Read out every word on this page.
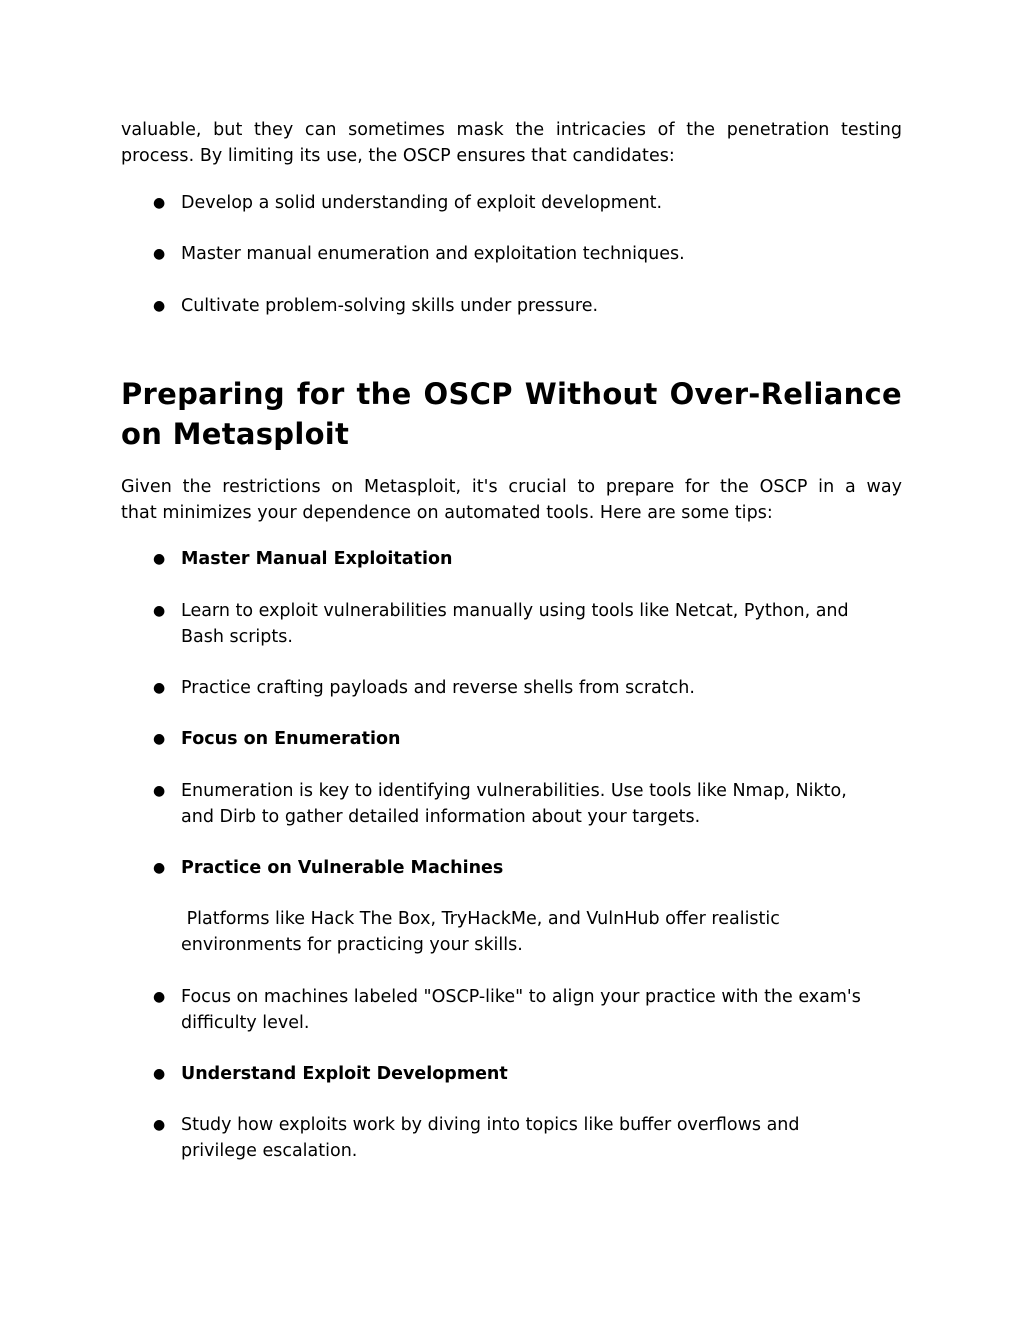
valuable, but they can sometimes mask the intricacies of the penetration testing

process. By limiting its use, the OSCP ensures that candidates:

● Develop a solid understanding of exploit development.
● Master manual enumeration and exploitation techniques.
● Cultivate problem-solving skills under pressure.

Preparing for the OSCP Without Over-Reliance

on Metasploit

Given the restrictions on Metasploit, it's crucial to prepare for the OSCP in a way

that minimizes your dependence on automated tools. Here are some tips:

● Master Manual Exploitation
● Learn to exploit vulnerabilities manually using tools like Netcat, Python, and
Bash scripts.
● Practice crafting payloads and reverse shells from scratch.
● Focus on Enumeration
● Enumeration is key to identifying vulnerabilities. Use tools like Nmap, Nikto,
and Dirb to gather detailed information about your targets.
● Practice on Vulnerable Machines
Platforms like Hack The Box, TryHackMe, and VulnHub offer realistic
environments for practicing your skills.
● Focus on machines labeled "OSCP-like" to align your practice with the exam's
difficulty level.
● Understand Exploit Development
● Study how exploits work by diving into topics like buffer overflows and
privilege escalation.
